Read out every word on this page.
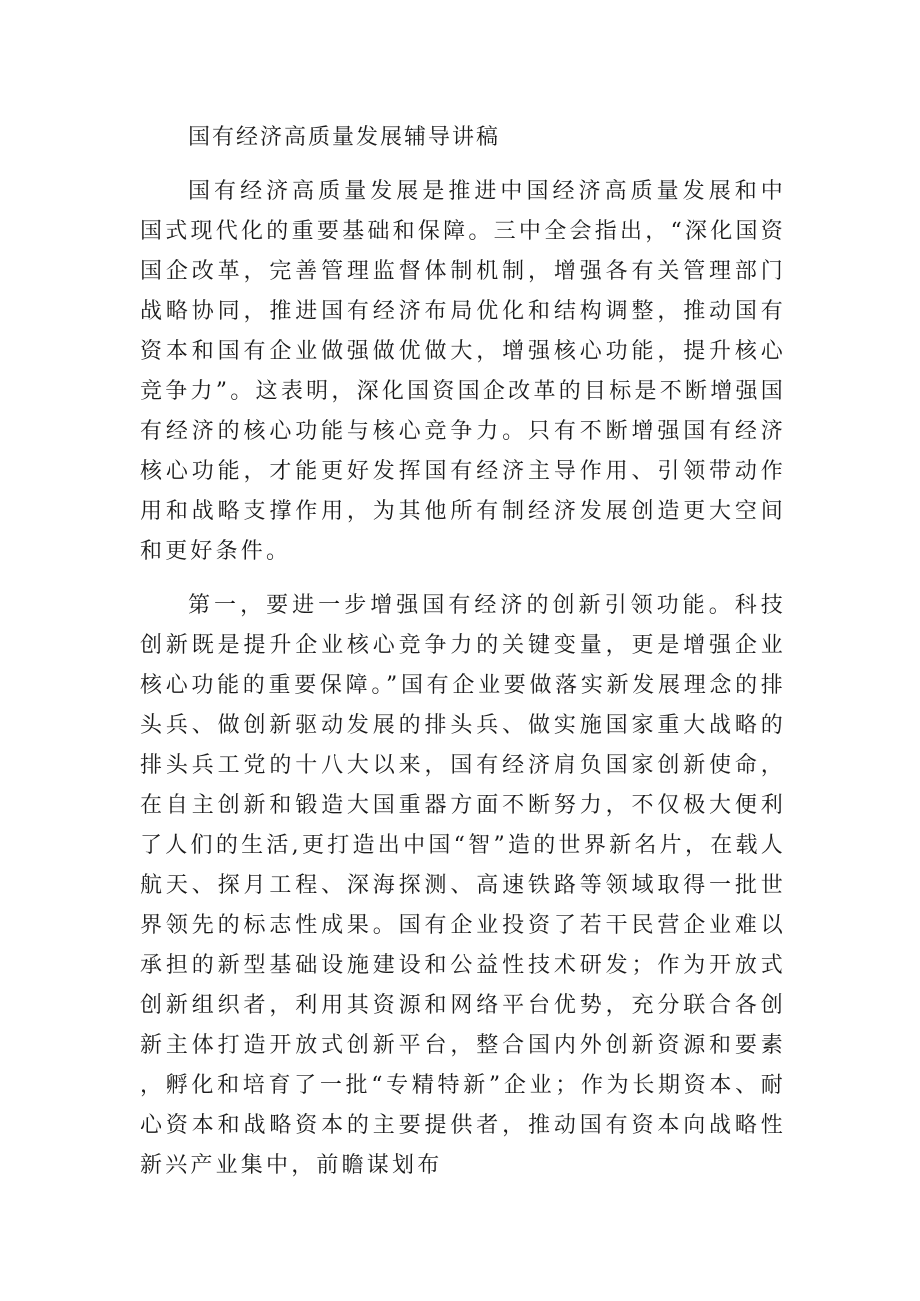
国有经济高质量发展辅导讲稿

国有经济高质量发展是推进中国经济高质量发展和中国式现代化的重要基础和保障。三中全会指出，“深化国资国企改革，完善管理监督体制机制，增强各有关管理部门战略协同，推进国有经济布局优化和结构调整，推动国有资本和国有企业做强做优做大，增强核心功能，提升核心竞争力”。这表明，深化国资国企改革的目标是不断增强国有经济的核心功能与核心竞争力。只有不断增强国有经济核心功能，才能更好发挥国有经济主导作用、引领带动作用和战略支撑作用，为其他所有制经济发展创造更大空间和更好条件。

第一，要进一步增强国有经济的创新引领功能。科技创新既是提升企业核心竞争力的关键变量，更是增强企业核心功能的重要保障。”国有企业要做落实新发展理念的排头兵、做创新驱动发展的排头兵、做实施国家重大战略的排头兵工党的十八大以来，国有经济肩负国家创新使命，在自主创新和锻造大国重器方面不断努力，不仅极大便利了人们的生活,更打造出中国“智”造的世界新名片，在载人航天、探月工程、深海探测、高速铁路等领域取得一批世界领先的标志性成果。国有企业投资了若干民营企业难以承担的新型基础设施建设和公益性技术研发；作为开放式创新组织者，利用其资源和网络平台优势，充分联合各创新主体打造开放式创新平台，整合国内外创新资源和要素，孵化和培育了一批“专精特新”企业；作为长期资本、耐心资本和战略资本的主要提供者，推动国有资本向战略性新兴产业集中，前瞻谋划布
